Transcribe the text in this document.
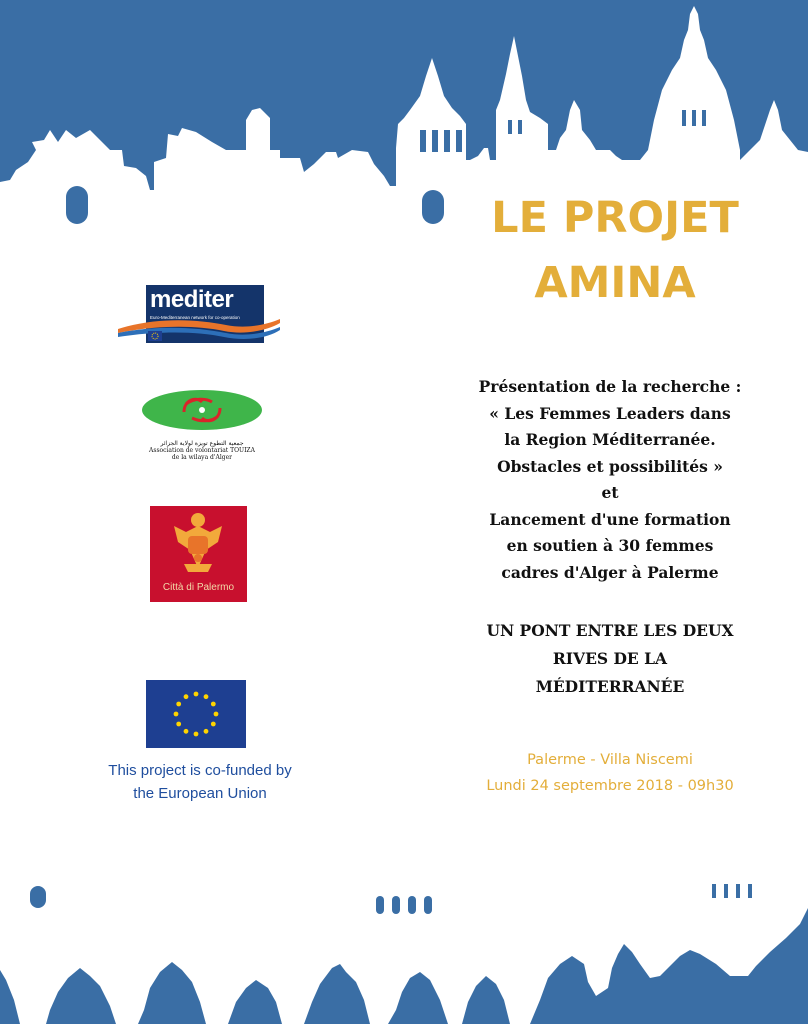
LE PROJET
AMINA
Présentation de la recherche :
« Les Femmes Leaders dans
la Region Méditerranée.
Obstacles et possibilités »
et
Lancement d'une formation
en soutien à 30 femmes
cadres d'Alger à Palerme
UN PONT ENTRE LES DEUX
RIVES DE LA
MÉDITERRANÉE
Palerme - Villa Niscemi
Lundi 24 septembre 2018 - 09h30
mediter
Euro-Mediterranean network for co-operation
جمعية التطوع تويزة لولاية الجزائر
Association de volontariat TOUIZA
de la wilaya d'Alger
Città di Palermo
This project is co-funded by
the European Union
